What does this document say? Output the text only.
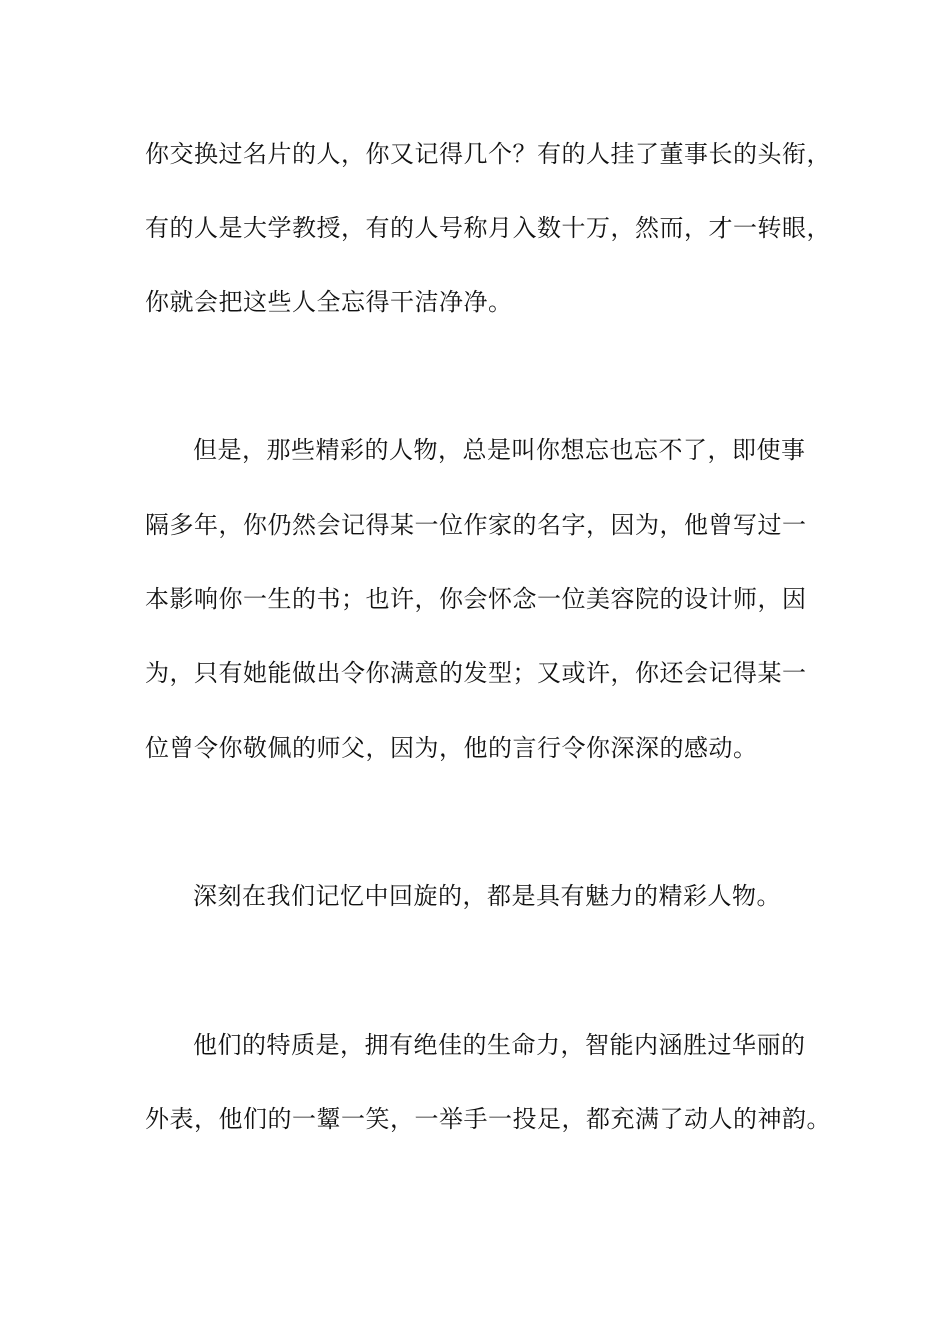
你交换过名片的人，你又记得几个？有的人挂了董事长的头衔，

有的人是大学教授，有的人号称月入数十万，然而，才一转眼，

你就会把这些人全忘得干洁净净。

但是，那些精彩的人物，总是叫你想忘也忘不了，即使事

隔多年，你仍然会记得某一位作家的名字，因为，他曾写过一

本影响你一生的书；也许，你会怀念一位美容院的设计师，因

为，只有她能做出令你满意的发型；又或许，你还会记得某一

位曾令你敬佩的师父，因为，他的言行令你深深的感动。

深刻在我们记忆中回旋的，都是具有魅力的精彩人物。

他们的特质是，拥有绝佳的生命力，智能内涵胜过华丽的

外表，他们的一颦一笑，一举手一投足，都充满了动人的神韵。
